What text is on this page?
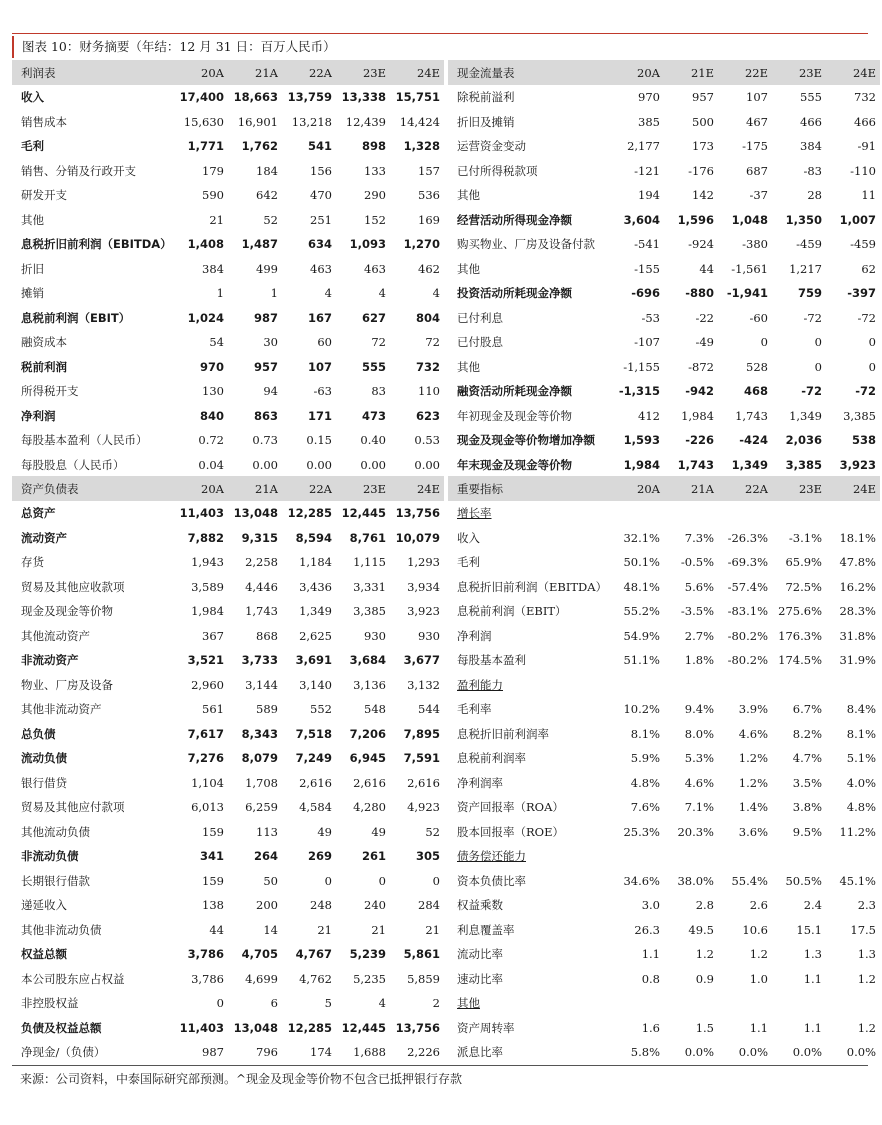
图表 10：财务摘要（年结：12 月 31 日：百万人民币）
利润表	20A	21A	22A	23E	24E
收入	17,400	18,663	13,759	13,338	15,751
销售成本	15,630	16,901	13,218	12,439	14,424
毛利	1,771	1,762	541	898	1,328
销售、分销及行政开支	179	184	156	133	157
研发开支	590	642	470	290	536
其他	21	52	251	152	169
息税折旧前利润（EBITDA）	1,408	1,487	634	1,093	1,270
折旧	384	499	463	463	462
摊销	1	1	4	4	4
息税前利润（EBIT）	1,024	987	167	627	804
融资成本	54	30	60	72	72
税前利润	970	957	107	555	732
所得税开支	130	94	-63	83	110
净利润	840	863	171	473	623
每股基本盈利（人民币）	0.72	0.73	0.15	0.40	0.53
每股股息（人民币）	0.04	0.00	0.00	0.00	0.00
现金流量表	20A	21E	22E	23E	24E
除税前溢利	970	957	107	555	732
折旧及摊销	385	500	467	466	466
运营资金变动	2,177	173	-175	384	-91
已付所得税款项	-121	-176	687	-83	-110
其他	194	142	-37	28	11
经营活动所得现金净额	3,604	1,596	1,048	1,350	1,007
购买物业、厂房及设备付款	-541	-924	-380	-459	-459
其他	-155	44	-1,561	1,217	62
投资活动所耗现金净额	-696	-880	-1,941	759	-397
已付利息	-53	-22	-60	-72	-72
已付股息	-107	-49	0	0	0
其他	-1,155	-872	528	0	0
融资活动所耗现金净额	-1,315	-942	468	-72	-72
年初现金及现金等价物	412	1,984	1,743	1,349	3,385
现金及现金等价物增加净额	1,593	-226	-424	2,036	538
年末现金及现金等价物	1,984	1,743	1,349	3,385	3,923
资产负债表	20A	21A	22A	23E	24E
总资产	11,403	13,048	12,285	12,445	13,756
流动资产	7,882	9,315	8,594	8,761	10,079
存货	1,943	2,258	1,184	1,115	1,293
贸易及其他应收款项	3,589	4,446	3,436	3,331	3,934
现金及现金等价物	1,984	1,743	1,349	3,385	3,923
其他流动资产	367	868	2,625	930	930
非流动资产	3,521	3,733	3,691	3,684	3,677
物业、厂房及设备	2,960	3,144	3,140	3,136	3,132
其他非流动资产	561	589	552	548	544
总负债	7,617	8,343	7,518	7,206	7,895
流动负债	7,276	8,079	7,249	6,945	7,591
银行借贷	1,104	1,708	2,616	2,616	2,616
贸易及其他应付款项	6,013	6,259	4,584	4,280	4,923
其他流动负债	159	113	49	49	52
非流动负债	341	264	269	261	305
长期银行借款	159	50	0	0	0
递延收入	138	200	248	240	284
其他非流动负债	44	14	21	21	21
权益总额	3,786	4,705	4,767	5,239	5,861
本公司股东应占权益	3,786	4,699	4,762	5,235	5,859
非控股权益	0	6	5	4	2
负债及权益总额	11,403	13,048	12,285	12,445	13,756
净现金/（负债）	987	796	174	1,688	2,226
重要指标	20A	21A	22A	23E	24E
增长率					
收入	32.1%	7.3%	-26.3%	-3.1%	18.1%
毛利	50.1%	-0.5%	-69.3%	65.9%	47.8%
息税折旧前利润（EBITDA）	48.1%	5.6%	-57.4%	72.5%	16.2%
息税前利润（EBIT）	55.2%	-3.5%	-83.1%	275.6%	28.3%
净利润	54.9%	2.7%	-80.2%	176.3%	31.8%
每股基本盈利	51.1%	1.8%	-80.2%	174.5%	31.9%
盈利能力					
毛利率	10.2%	9.4%	3.9%	6.7%	8.4%
息税折旧前利润率	8.1%	8.0%	4.6%	8.2%	8.1%
息税前利润率	5.9%	5.3%	1.2%	4.7%	5.1%
净利润率	4.8%	4.6%	1.2%	3.5%	4.0%
资产回报率（ROA）	7.6%	7.1%	1.4%	3.8%	4.8%
股本回报率（ROE）	25.3%	20.3%	3.6%	9.5%	11.2%
债务偿还能力					
资本负债比率	34.6%	38.0%	55.4%	50.5%	45.1%
权益乘数	3.0	2.8	2.6	2.4	2.3
利息覆盖率	26.3	49.5	10.6	15.1	17.5
流动比率	1.1	1.2	1.2	1.3	1.3
速动比率	0.8	0.9	1.0	1.1	1.2
其他					
资产周转率	1.6	1.5	1.1	1.1	1.2
派息比率	5.8%	0.0%	0.0%	0.0%	0.0%
来源：公司资料，中泰国际研究部预测。^现金及现金等价物不包含已抵押银行存款
